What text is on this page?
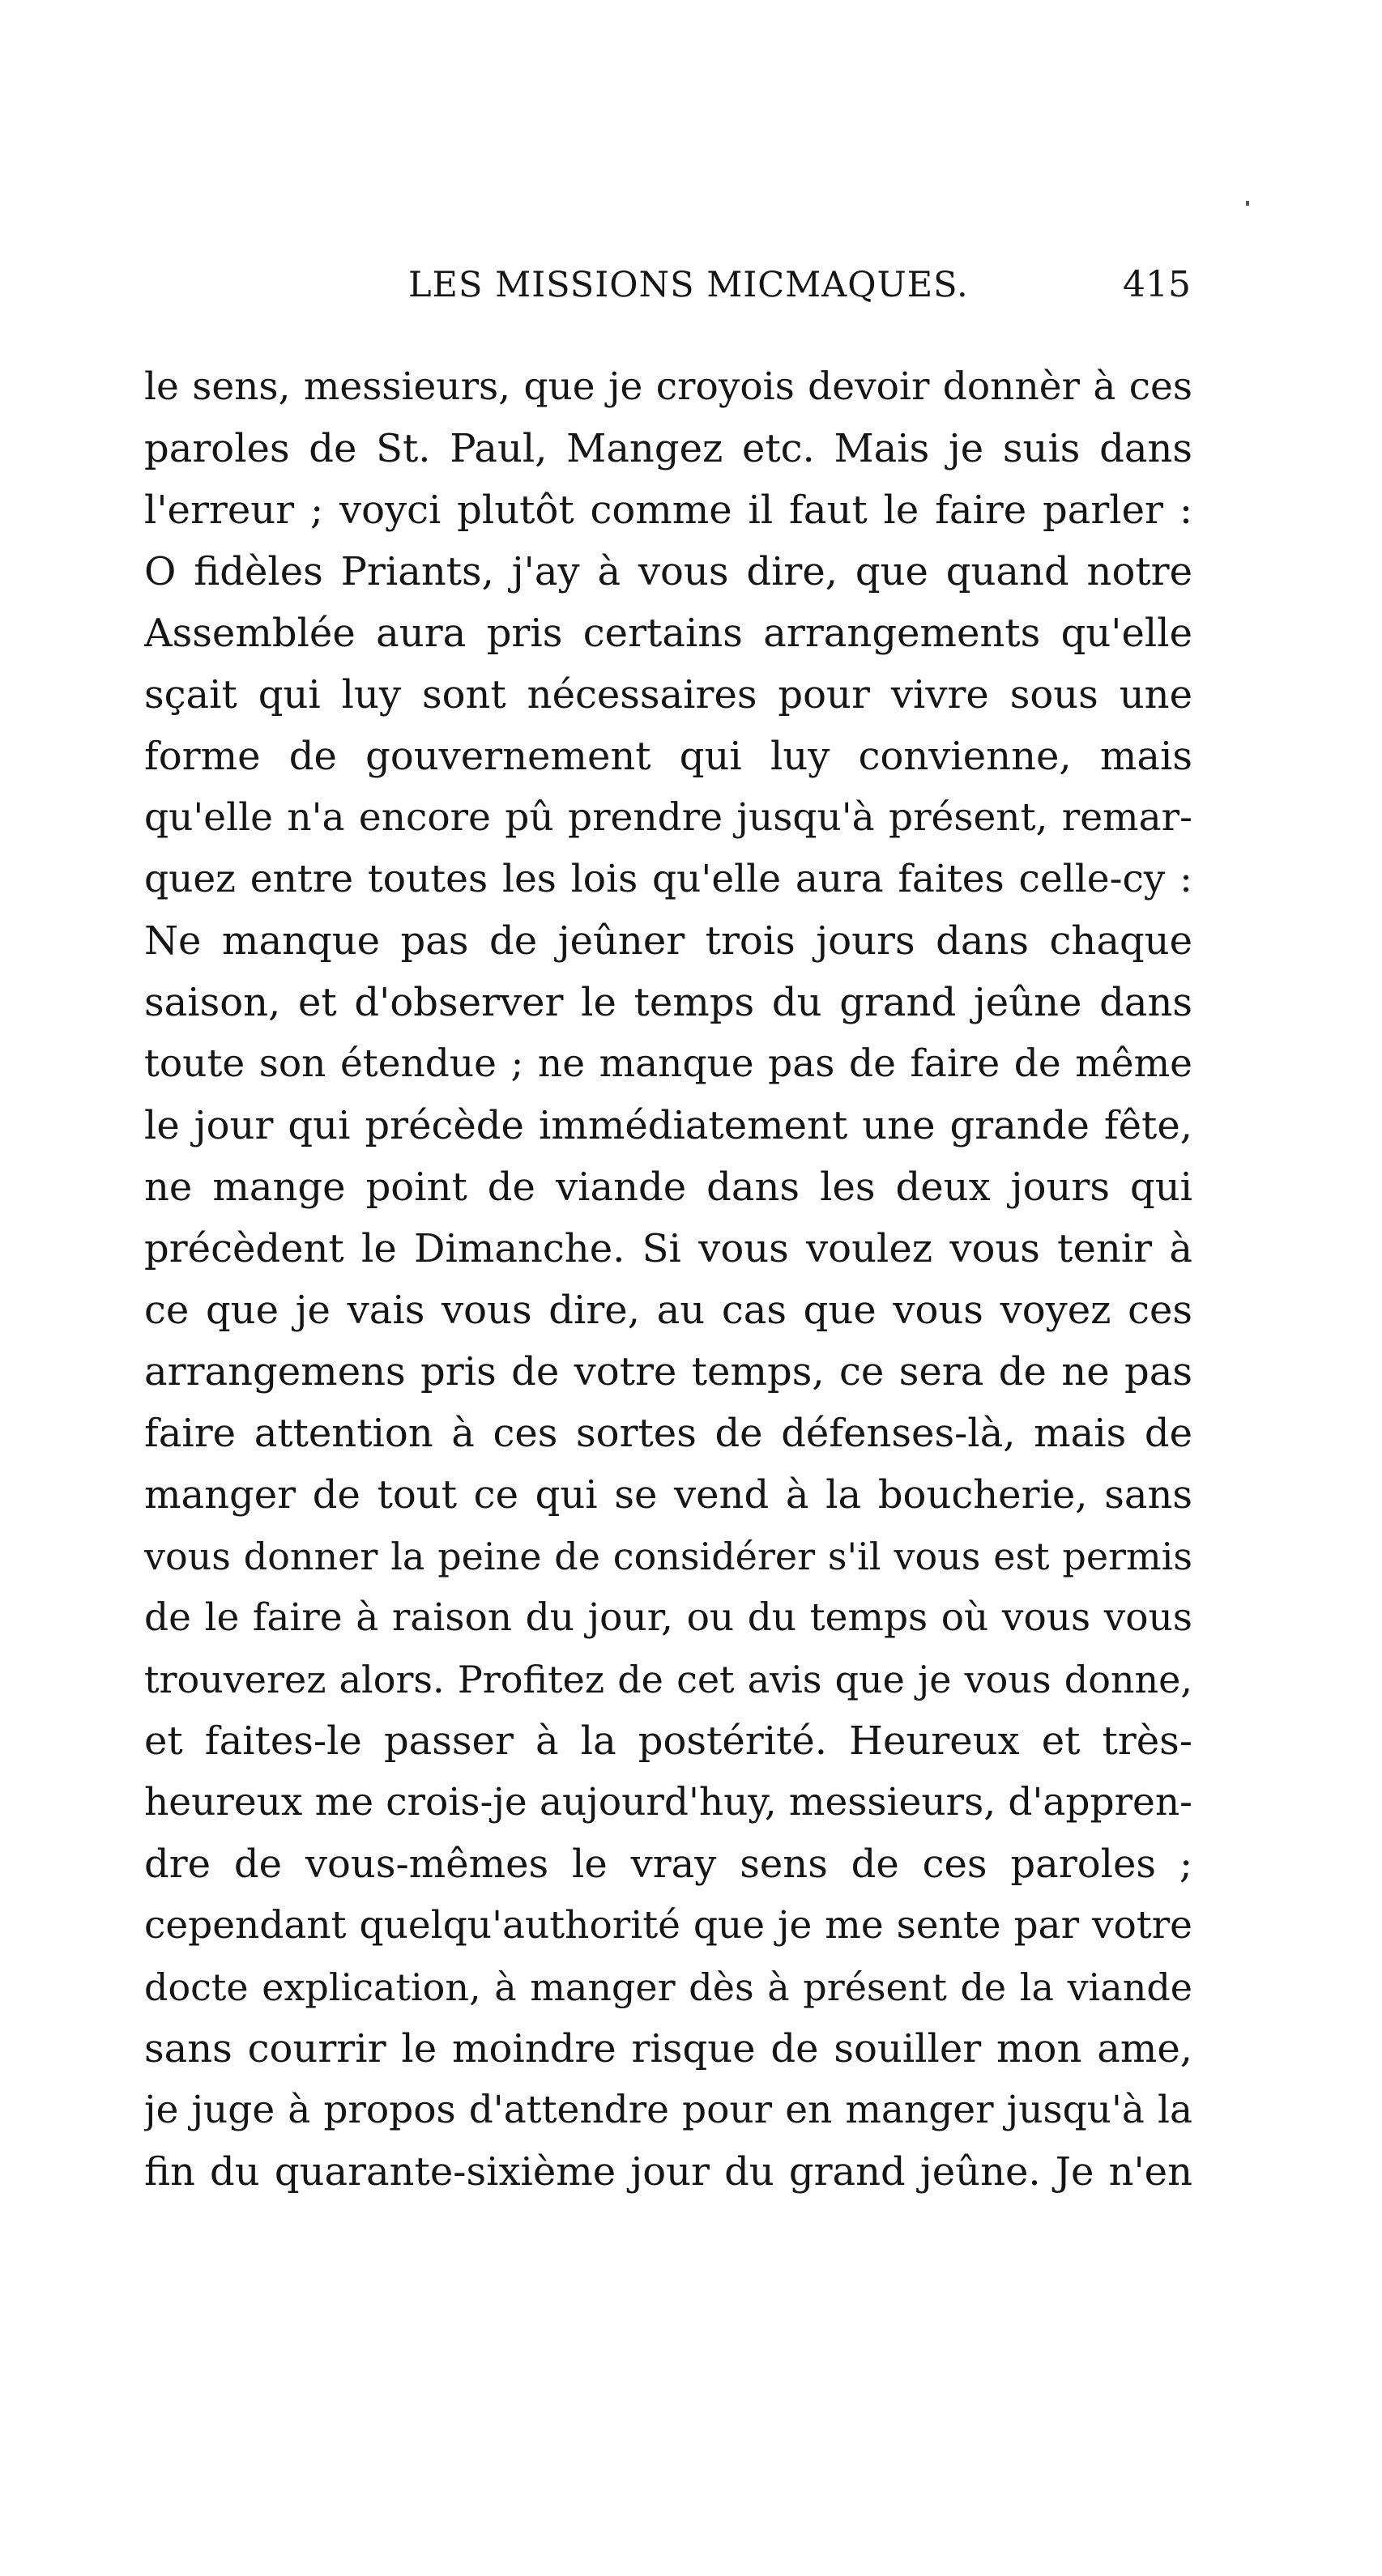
LES MISSIONS MICMAQUES.	415
le sens, messieurs, que je croyois devoir donnèr à ces
paroles de St. Paul, Mangez etc. Mais je suis dans
l'erreur ; voyci plutôt comme il faut le faire parler :
O fidèles Priants, j'ay à vous dire, que quand notre
Assemblée aura pris certains arrangements qu'elle
sçait qui luy sont nécessaires pour vivre sous une
forme de gouvernement qui luy convienne, mais
qu'elle n'a encore pû prendre jusqu'à présent, remar-
quez entre toutes les lois qu'elle aura faites celle-cy :
Ne manque pas de jeûner trois jours dans chaque
saison, et d'observer le temps du grand jeûne dans
toute son étendue ; ne manque pas de faire de même
le jour qui précède immédiatement une grande fête,
ne mange point de viande dans les deux jours qui
précèdent le Dimanche. Si vous voulez vous tenir à
ce que je vais vous dire, au cas que vous voyez ces
arrangemens pris de votre temps, ce sera de ne pas
faire attention à ces sortes de défenses-là, mais de
manger de tout ce qui se vend à la boucherie, sans
vous donner la peine de considérer s'il vous est permis
de le faire à raison du jour, ou du temps où vous vous
trouverez alors. Profitez de cet avis que je vous donne,
et faites-le passer à la postérité. Heureux et très-
heureux me crois-je aujourd'huy, messieurs, d'appren-
dre de vous-mêmes le vray sens de ces paroles ;
cependant quelqu'authorité que je me sente par votre
docte explication, à manger dès à présent de la viande
sans courrir le moindre risque de souiller mon ame,
je juge à propos d'attendre pour en manger jusqu'à la
fin du quarante-sixième jour du grand jeûne. Je n'en
